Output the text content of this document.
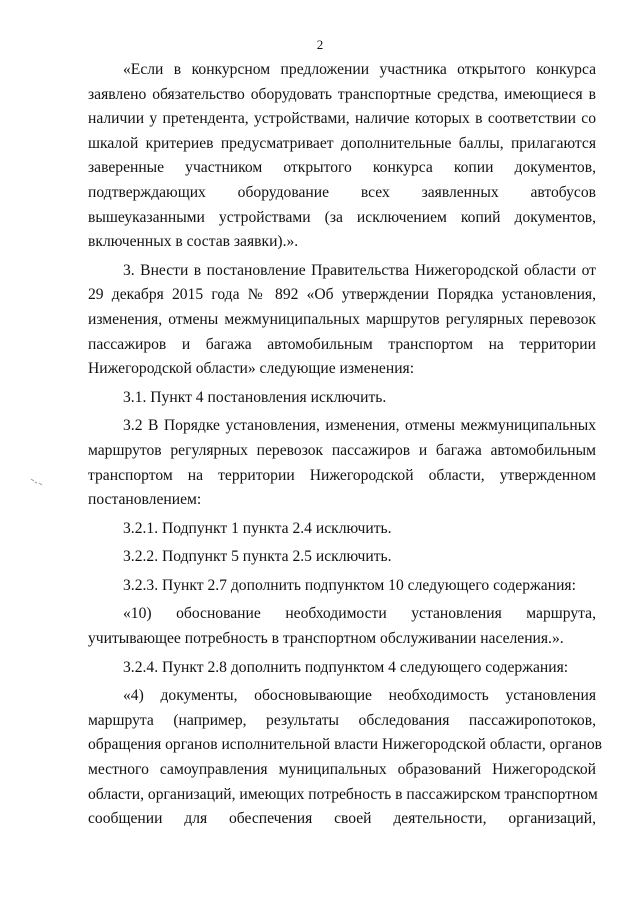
2
«Если в конкурсном предложении участника открытого конкурса
заявлено обязательство оборудовать транспортные средства, имеющиеся в
наличии у претендента, устройствами, наличие которых в соответствии со
шкалой критериев предусматривает дополнительные баллы, прилагаются
заверенные участником открытого конкурса копии документов,
подтверждающих оборудование всех заявленных автобусов
вышеуказанными устройствами (за исключением копий документов,
включенных в состав заявки).».
3. Внести в постановление Правительства Нижегородской области от
29 декабря 2015 года № 892 «Об утверждении Порядка установления,
изменения, отмены межмуниципальных маршрутов регулярных перевозок
пассажиров и багажа автомобильным транспортом на территории
Нижегородской области» следующие изменения:
3.1. Пункт 4 постановления исключить.
3.2 В Порядке установления, изменения, отмены межмуниципальных
маршрутов регулярных перевозок пассажиров и багажа автомобильным
транспортом на территории Нижегородской области, утвержденном
постановлением:
3.2.1. Подпункт 1 пункта 2.4 исключить.
3.2.2. Подпункт 5 пункта 2.5 исключить.
3.2.3. Пункт 2.7 дополнить подпунктом 10 следующего содержания:
«10) обоснование необходимости установления маршрута,
учитывающее потребность в транспортном обслуживании населения.».
3.2.4. Пункт 2.8 дополнить подпунктом 4 следующего содержания:
«4) документы, обосновывающие необходимость установления
маршрута (например, результаты обследования пассажиропотоков,
обращения органов исполнительной власти Нижегородской области, органов
местного самоуправления муниципальных образований Нижегородской
области, организаций, имеющих потребность в пассажирском транспортном
сообщении для обеспечения своей деятельности, организаций,
